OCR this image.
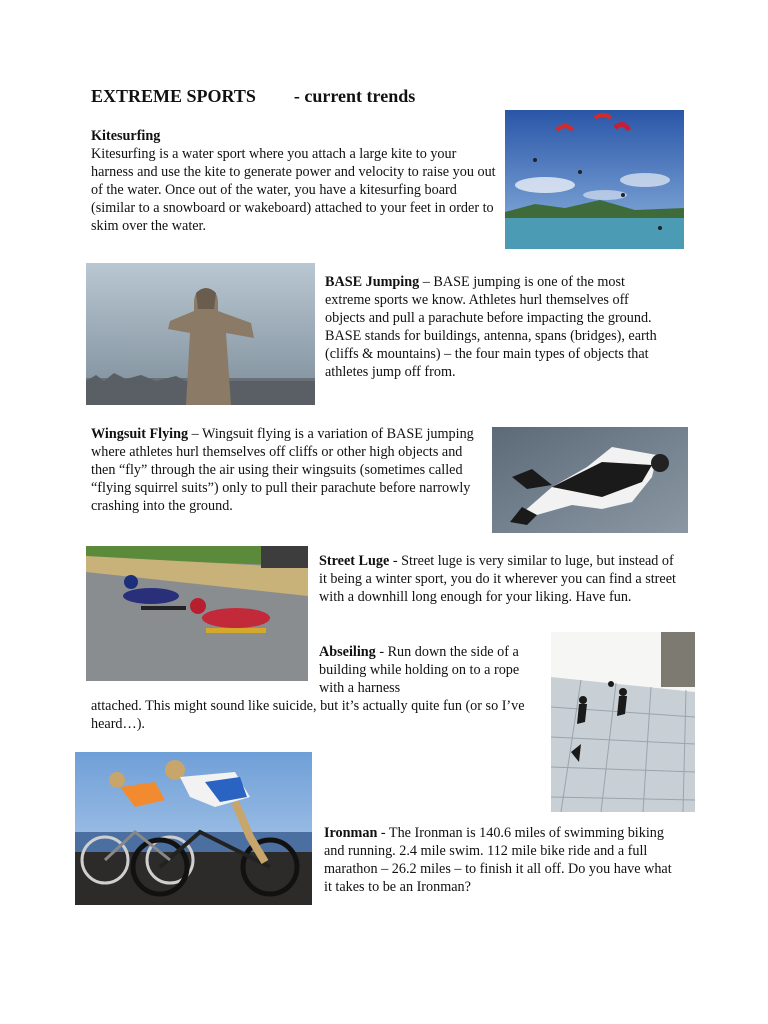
EXTREME SPORTS - current trends
Kitesurfing
Kitesurfing is a water sport where you attach a large kite to your harness and use the kite to generate power and velocity to raise you out of the water. Once out of the water, you have a kitesurfing board (similar to a snowboard or wakeboard) attached to your feet in order to skim over the water.
BASE Jumping – BASE jumping is one of the most extreme sports we know. Athletes hurl themselves off objects and pull a parachute before impacting the ground. BASE stands for buildings, antenna, spans (bridges), earth (cliffs & mountains) – the four main types of objects that athletes jump off from.
Wingsuit Flying – Wingsuit flying is a variation of BASE jumping where athletes hurl themselves off cliffs or other high objects and then “fly” through the air using their wingsuits (sometimes called “flying squirrel suits”) only to pull their parachute before narrowly crashing into the ground.
Street Luge - Street luge is very similar to luge, but instead of it being a winter sport, you do it wherever you can find a street with a downhill long enough for your liking. Have fun.
Abseiling - Run down the side of a building while holding on to a rope with a harness
attached. This might sound like suicide, but it’s actually quite fun (or so I’ve heard…).
Ironman - The Ironman is 140.6 miles of swimming biking and running. 2.4 mile swim. 112 mile bike ride and a full marathon – 26.2 miles – to finish it all off. Do you have what it takes to be an Ironman?
